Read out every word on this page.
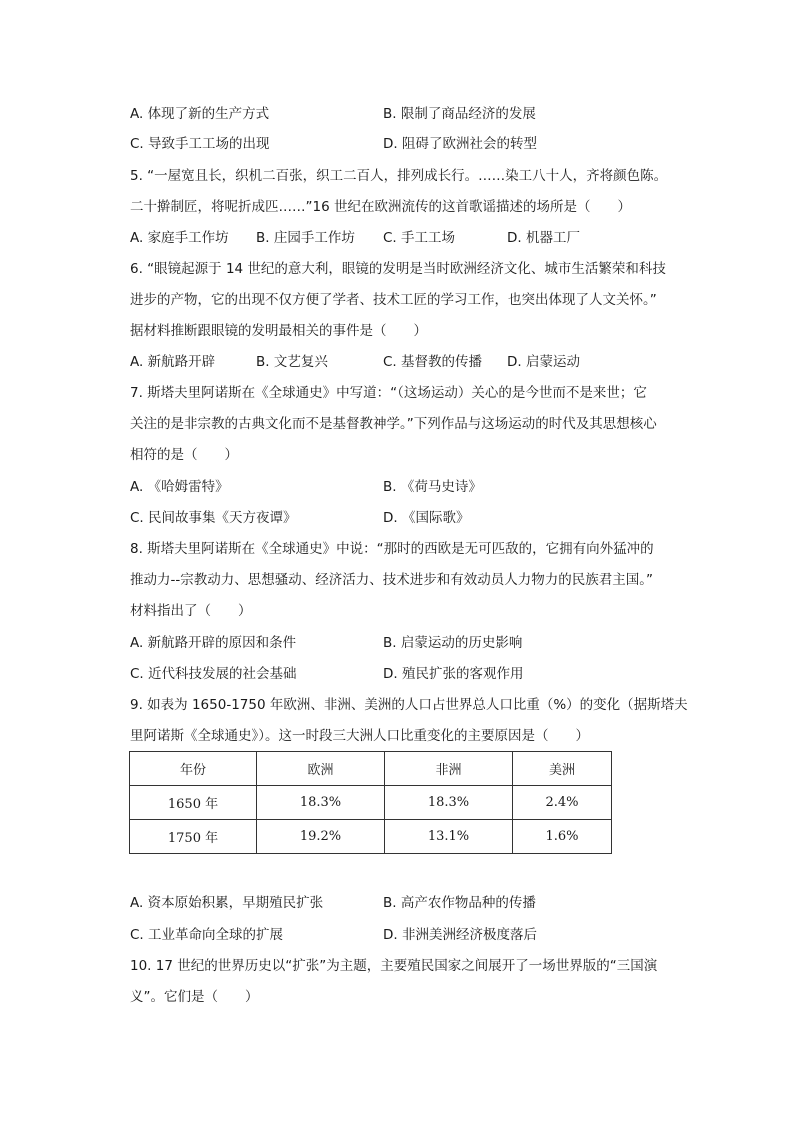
A. 体现了新的生产方式	B. 限制了商品经济的发展
C. 导致手工工场的出现	D. 阻碍了欧洲社会的转型
5. “一屋宽且长，织机二百张，织工二百人，排列成长行。……染工八十人，齐将颜色陈。
二十擀制匠，将呢折成匹……”16 世纪在欧洲流传的这首歌谣描述的场所是（　　）
A. 家庭手工作坊 B. 庄园手工作坊 C. 手工工场	D. 机器工厂
6. “眼镜起源于 14 世纪的意大利，眼镜的发明是当时欧洲经济文化、城市生活繁荣和科技
进步的产物，它的出现不仅方便了学者、技术工匠的学习工作，也突出体现了人文关怀。”
据材料推断跟眼镜的发明最相关的事件是（　　）
A. 新航路开辟	B. 文艺复兴	C. 基督教的传播 D. 启蒙运动
7. 斯塔夫里阿诺斯在《全球通史》中写道：“（这场运动）关心的是今世而不是来世；它
关注的是非宗教的古典文化而不是基督教神学。”下列作品与这场运动的时代及其思想核心
相符的是（　　）
A. 《哈姆雷特》	B. 《荷马史诗》
C. 民间故事集《天方夜谭》	D. 《国际歌》
8. 斯塔夫里阿诺斯在《全球通史》中说：“那时的西欧是无可匹敌的，它拥有向外猛冲的
推动力--宗教动力、思想骚动、经济活力、技术进步和有效动员人力物力的民族君主国。”
材料指出了（　　）
A. 新航路开辟的原因和条件	B. 启蒙运动的历史影响
C. 近代科技发展的社会基础	D. 殖民扩张的客观作用
9. 如表为 1650-1750 年欧洲、非洲、美洲的人口占世界总人口比重（%）的变化（据斯塔夫
里阿诺斯《全球通史》）。这一时段三大洲人口比重变化的主要原因是（　　）
年份	欧洲	非洲	美洲
1650 年	18.3%	18.3%	2.4%
1750 年	19.2%	13.1%	1.6%
A. 资本原始积累，早期殖民扩张	B. 高产农作物品种的传播
C. 工业革命向全球的扩展	D. 非洲美洲经济极度落后
10. 17 世纪的世界历史以“扩张”为主题，主要殖民国家之间展开了一场世界版的“三国演
义”。它们是（　　）
